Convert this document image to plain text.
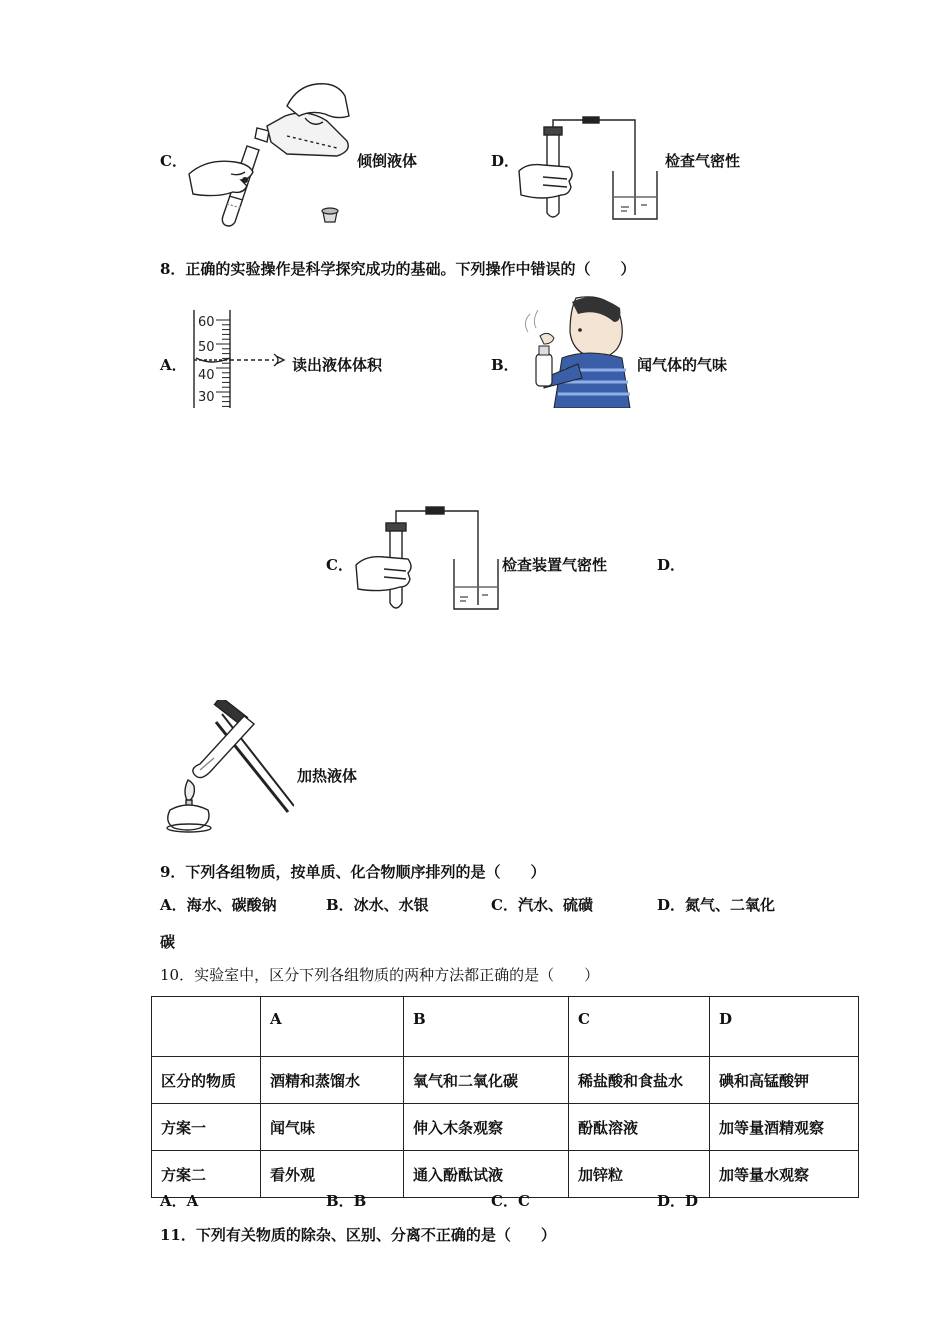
C．	倾倒液体	D．	检查气密性
8．正确的实验操作是科学探究成功的基础。下列操作中错误的（　　）
A．
60
50
40
30
读出液体体积	B．	闻气体的气味
C．	检查装置气密性	D．
加热液体
9．下列各组物质，按单质、化合物顺序排列的是（　　）
A．海水、碳酸钠	B．冰水、水银	C．汽水、硫磺	D．氮气、二氧化
碳
10．实验室中，区分下列各组物质的两种方法都正确的是（　　）
	A	B	C	D
区分的物质	酒精和蒸馏水	氧气和二氧化碳	稀盐酸和食盐水	碘和高锰酸钾
方案一	闻气味	伸入木条观察	酚酞溶液	加等量酒精观察
方案二	看外观	通入酚酞试液	加锌粒	加等量水观察
A．A	B．B	C．C	D．D
11．下列有关物质的除杂、区别、分离不正确的是（　　）
